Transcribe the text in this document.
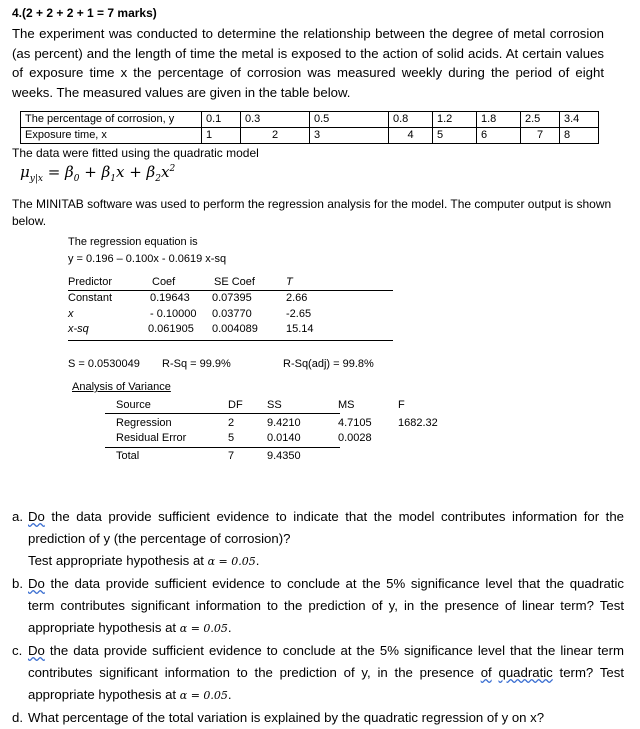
4.(2 + 2 + 2 + 1 = 7 marks)
The experiment was conducted to determine the relationship between the degree of metal corrosion (as percent) and the length of time the metal is exposed to the action of solid acids. At certain values of exposure time x the percentage of corrosion was measured weekly during the period of eight weeks. The measured values are given in the table below.
The percentage of corrosion, y	0.1	0.3	0.5	0.8	1.2	1.8	2.5	3.4
Exposure time, x	1	2	3	4	5	6	7	8
The data were fitted using the quadratic model
$\mu_{y|x} = \beta_0 + \beta_1x + \beta_2x^2$
The MINITAB software was used to perform the regression analysis for the model. The computer output is shown below.
The regression equation is
y = 0.196 – 0.100x - 0.0619 x-sq
Predictor	Coef	SE Coef	T
Constant	0.19643 0.07395	2.66
x	- 0.10000 0.03770	-2.65
x-sq	0.061905 0.004089	15.14
S = 0.0530049 R-Sq = 99.9%	R-Sq(adj) = 99.8%
Analysis of Variance
Source	DF SS	MS	F
Regression	2	9.4210	4.7105 1682.32
Residual Error	5	0.0140	0.0028
Total	7	9.4350
a. Do the data provide sufficient evidence to indicate that the model contributes information for the prediction of y (the percentage of corrosion)?
Test appropriate hypothesis at α = 0.05.
b. Do the data provide sufficient evidence to conclude at the 5% significance level that the quadratic term contributes significant information to the prediction of y, in the presence of linear term? Test appropriate hypothesis at α = 0.05.
c. Do the data provide sufficient evidence to conclude at the 5% significance level that the linear term contributes significant information to the prediction of y, in the presence of quadratic term? Test appropriate hypothesis at α = 0.05.
d. What percentage of the total variation is explained by the quadratic regression of y on x?
